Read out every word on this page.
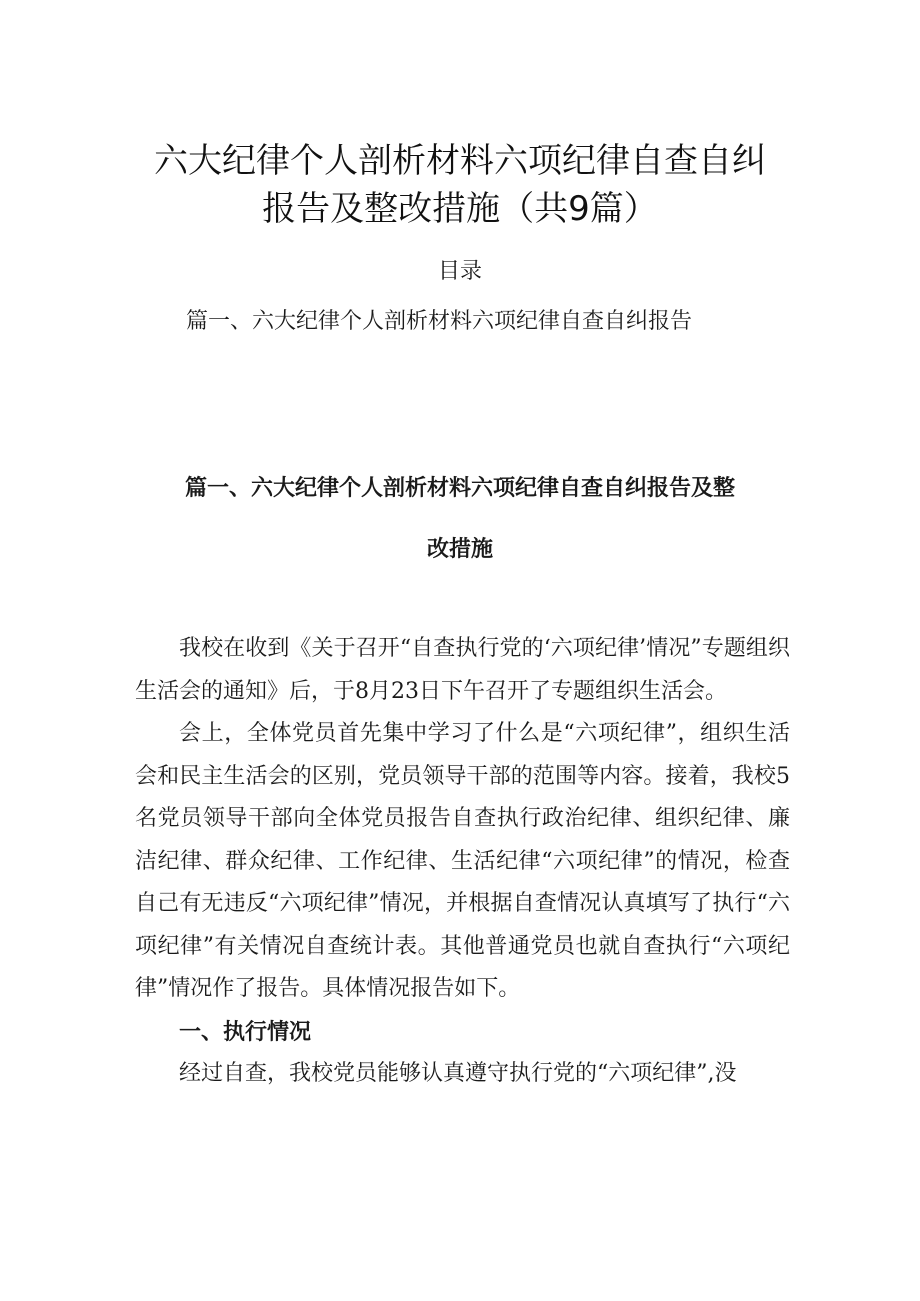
六大纪律个人剖析材料六项纪律自查自纠
报告及整改措施（共9篇）
目录
篇一、六大纪律个人剖析材料六项纪律自查自纠报告
篇一、六大纪律个人剖析材料六项纪律自查自纠报告及整
改措施

我校在收到《关于召开“自查执行党的‘六项纪律’情况”专题组织生活会的通知》后，于8月23日下午召开了专题组织生活会。

会上，全体党员首先集中学习了什么是“六项纪律”，组织生活会和民主生活会的区别，党员领导干部的范围等内容。接着，我校5名党员领导干部向全体党员报告自查执行政治纪律、组织纪律、廉洁纪律、群众纪律、工作纪律、生活纪律“六项纪律”的情况，检查自己有无违反“六项纪律”情况，并根据自查情况认真填写了执行“六项纪律”有关情况自查统计表。其他普通党员也就自查执行“六项纪律”情况作了报告。具体情况报告如下。

一、执行情况

经过自查，我校党员能够认真遵守执行党的“六项纪律”,没
